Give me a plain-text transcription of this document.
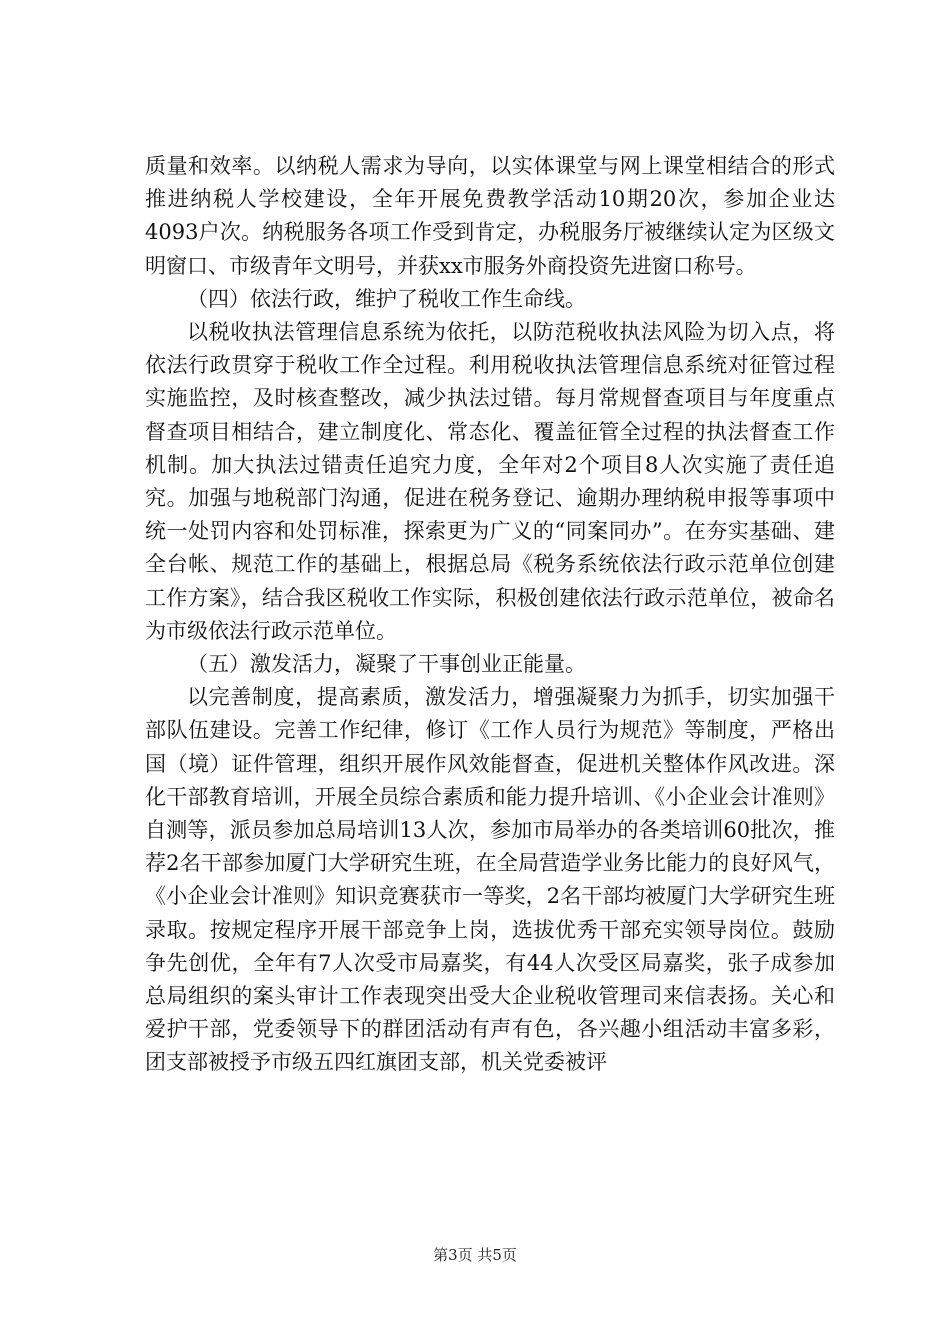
质量和效率。以纳税人需求为导向，以实体课堂与网上课堂相结合的形式推进纳税人学校建设，全年开展免费教学活动10期20次，参加企业达4093户次。纳税服务各项工作受到肯定，办税服务厅被继续认定为区级文明窗口、市级青年文明号，并获xx市服务外商投资先进窗口称号。

（四）依法行政，维护了税收工作生命线。

以税收执法管理信息系统为依托，以防范税收执法风险为切入点，将依法行政贯穿于税收工作全过程。利用税收执法管理信息系统对征管过程实施监控，及时核查整改，减少执法过错。每月常规督查项目与年度重点督查项目相结合，建立制度化、常态化、覆盖征管全过程的执法督查工作机制。加大执法过错责任追究力度，全年对2个项目8人次实施了责任追究。加强与地税部门沟通，促进在税务登记、逾期办理纳税申报等事项中统一处罚内容和处罚标准，探索更为广义的“同案同办”。在夯实基础、建全台帐、规范工作的基础上，根据总局《税务系统依法行政示范单位创建工作方案》，结合我区税收工作实际，积极创建依法行政示范单位，被命名为市级依法行政示范单位。

（五）激发活力，凝聚了干事创业正能量。

以完善制度，提高素质，激发活力，增强凝聚力为抓手，切实加强干部队伍建设。完善工作纪律，修订《工作人员行为规范》等制度，严格出国（境）证件管理，组织开展作风效能督查，促进机关整体作风改进。深化干部教育培训，开展全员综合素质和能力提升培训、《小企业会计准则》自测等，派员参加总局培训13人次，参加市局举办的各类培训60批次，推荐2名干部参加厦门大学研究生班，在全局营造学业务比能力的良好风气，《小企业会计准则》知识竞赛获市一等奖，2名干部均被厦门大学研究生班录取。按规定程序开展干部竞争上岗，选拔优秀干部充实领导岗位。鼓励争先创优，全年有7人次受市局嘉奖，有44人次受区局嘉奖，张子成参加总局组织的案头审计工作表现突出受大企业税收管理司来信表扬。关心和爱护干部，党委领导下的群团活动有声有色，各兴趣小组活动丰富多彩，团支部被授予市级五四红旗团支部，机关党委被评

第3页 共5页
